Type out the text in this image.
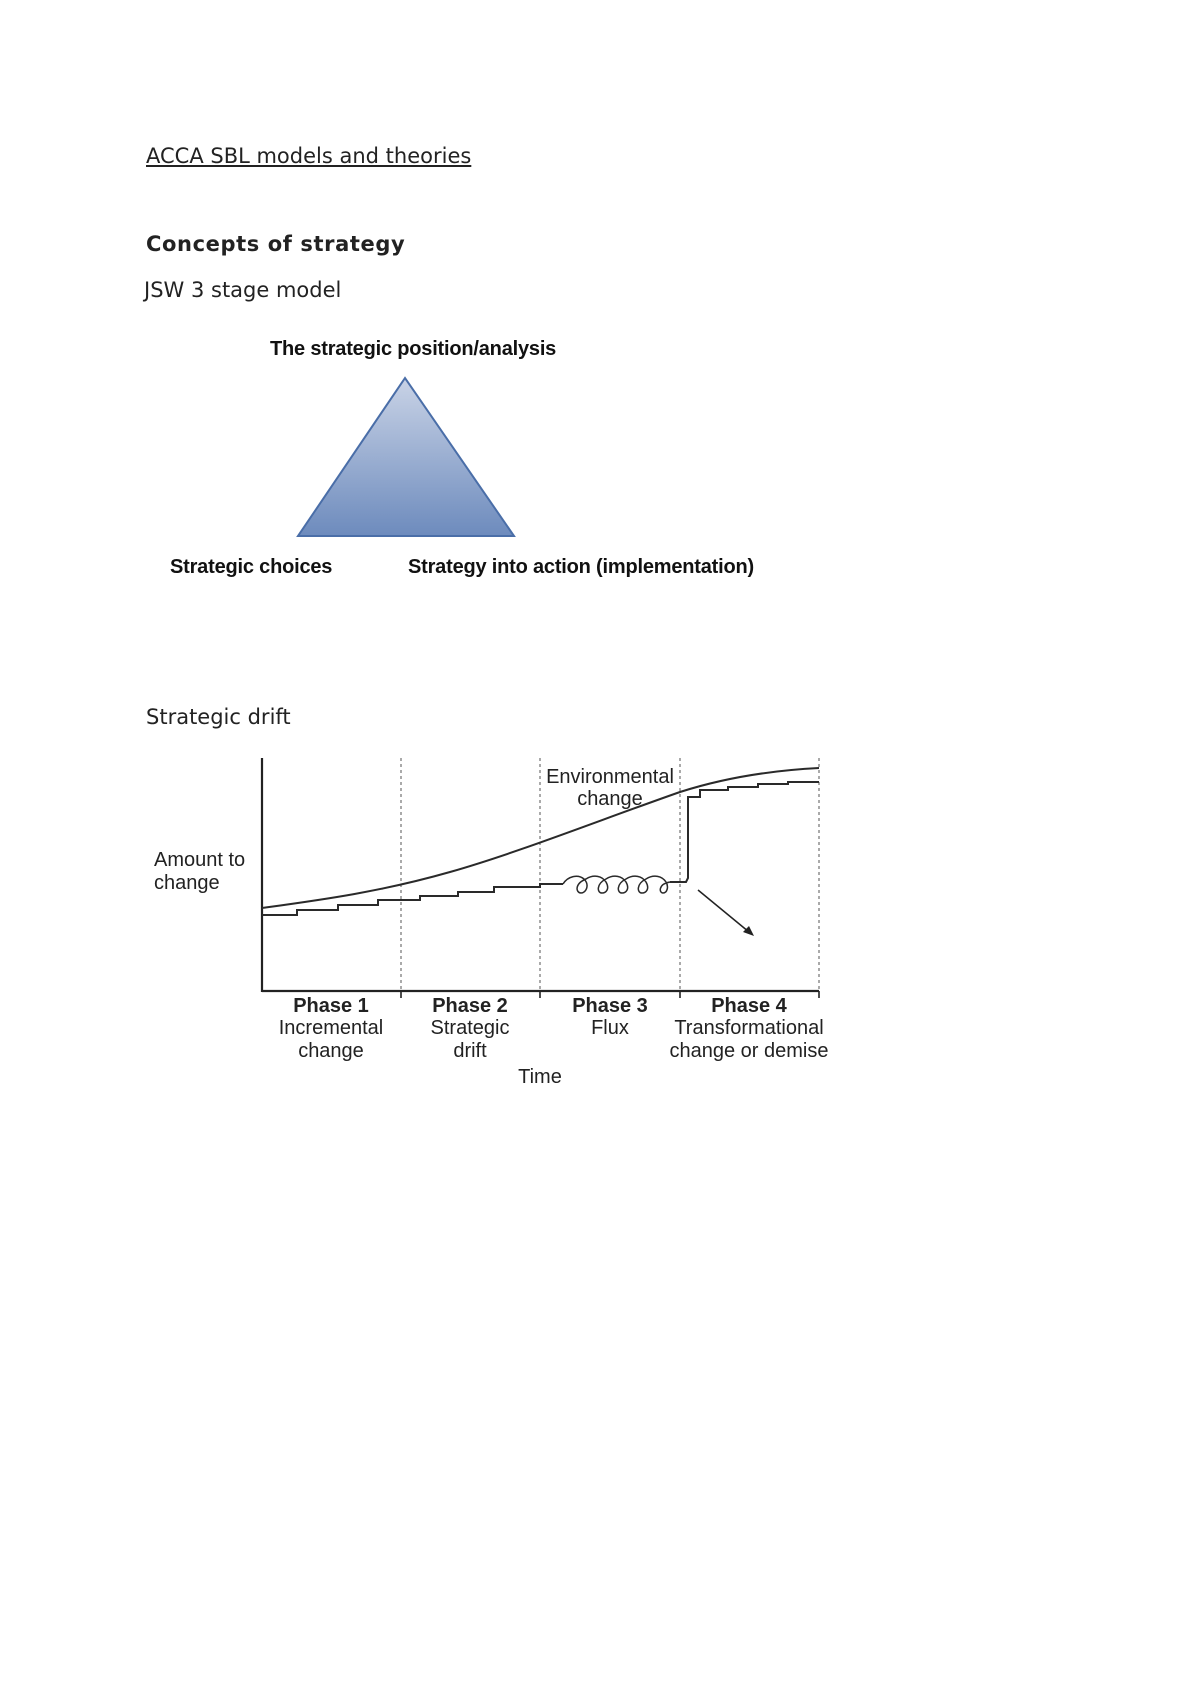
ACCA SBL models and theories
Concepts of strategy
JSW 3 stage model
The strategic position/analysis
Strategic choices	Strategy into action (implementation)
Strategic drift
Amount to
change
Environmental
change
Phase 1
Incremental
change
Phase 2
Strategic
drift
Phase 3
Flux
Phase 4
Transformational
change or demise
Time
